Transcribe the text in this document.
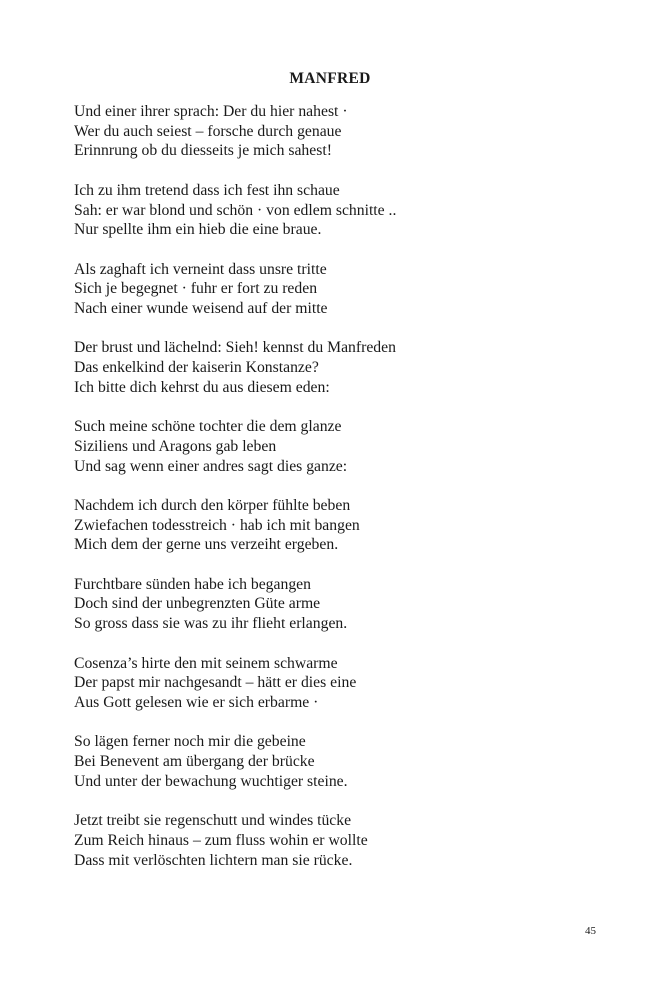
MANFRED
Und einer ihrer sprach: Der du hier nahest ·
Wer du auch seiest – forsche durch genaue
Erinnrung ob du diesseits je mich sahest!
Ich zu ihm tretend dass ich fest ihn schaue
Sah: er war blond und schön · von edlem schnitte ..
Nur spellte ihm ein hieb die eine braue.
Als zaghaft ich verneint dass unsre tritte
Sich je begegnet · fuhr er fort zu reden
Nach einer wunde weisend auf der mitte
Der brust und lächelnd: Sieh! kennst du Manfreden
Das enkelkind der kaiserin Konstanze?
Ich bitte dich kehrst du aus diesem eden:
Such meine schöne tochter die dem glanze
Siziliens und Aragons gab leben
Und sag wenn einer andres sagt dies ganze:
Nachdem ich durch den körper fühlte beben
Zwiefachen todesstreich · hab ich mit bangen
Mich dem der gerne uns verzeiht ergeben.
Furchtbare sünden habe ich begangen
Doch sind der unbegrenzten Güte arme
So gross dass sie was zu ihr flieht erlangen.
Cosenza’s hirte den mit seinem schwarme
Der papst mir nachgesandt – hätt er dies eine
Aus Gott gelesen wie er sich erbarme ·
So lägen ferner noch mir die gebeine
Bei Benevent am übergang der brücke
Und unter der bewachung wuchtiger steine.
Jetzt treibt sie regenschutt und windes tücke
Zum Reich hinaus – zum fluss wohin er wollte
Dass mit verlöschten lichtern man sie rücke.

45
